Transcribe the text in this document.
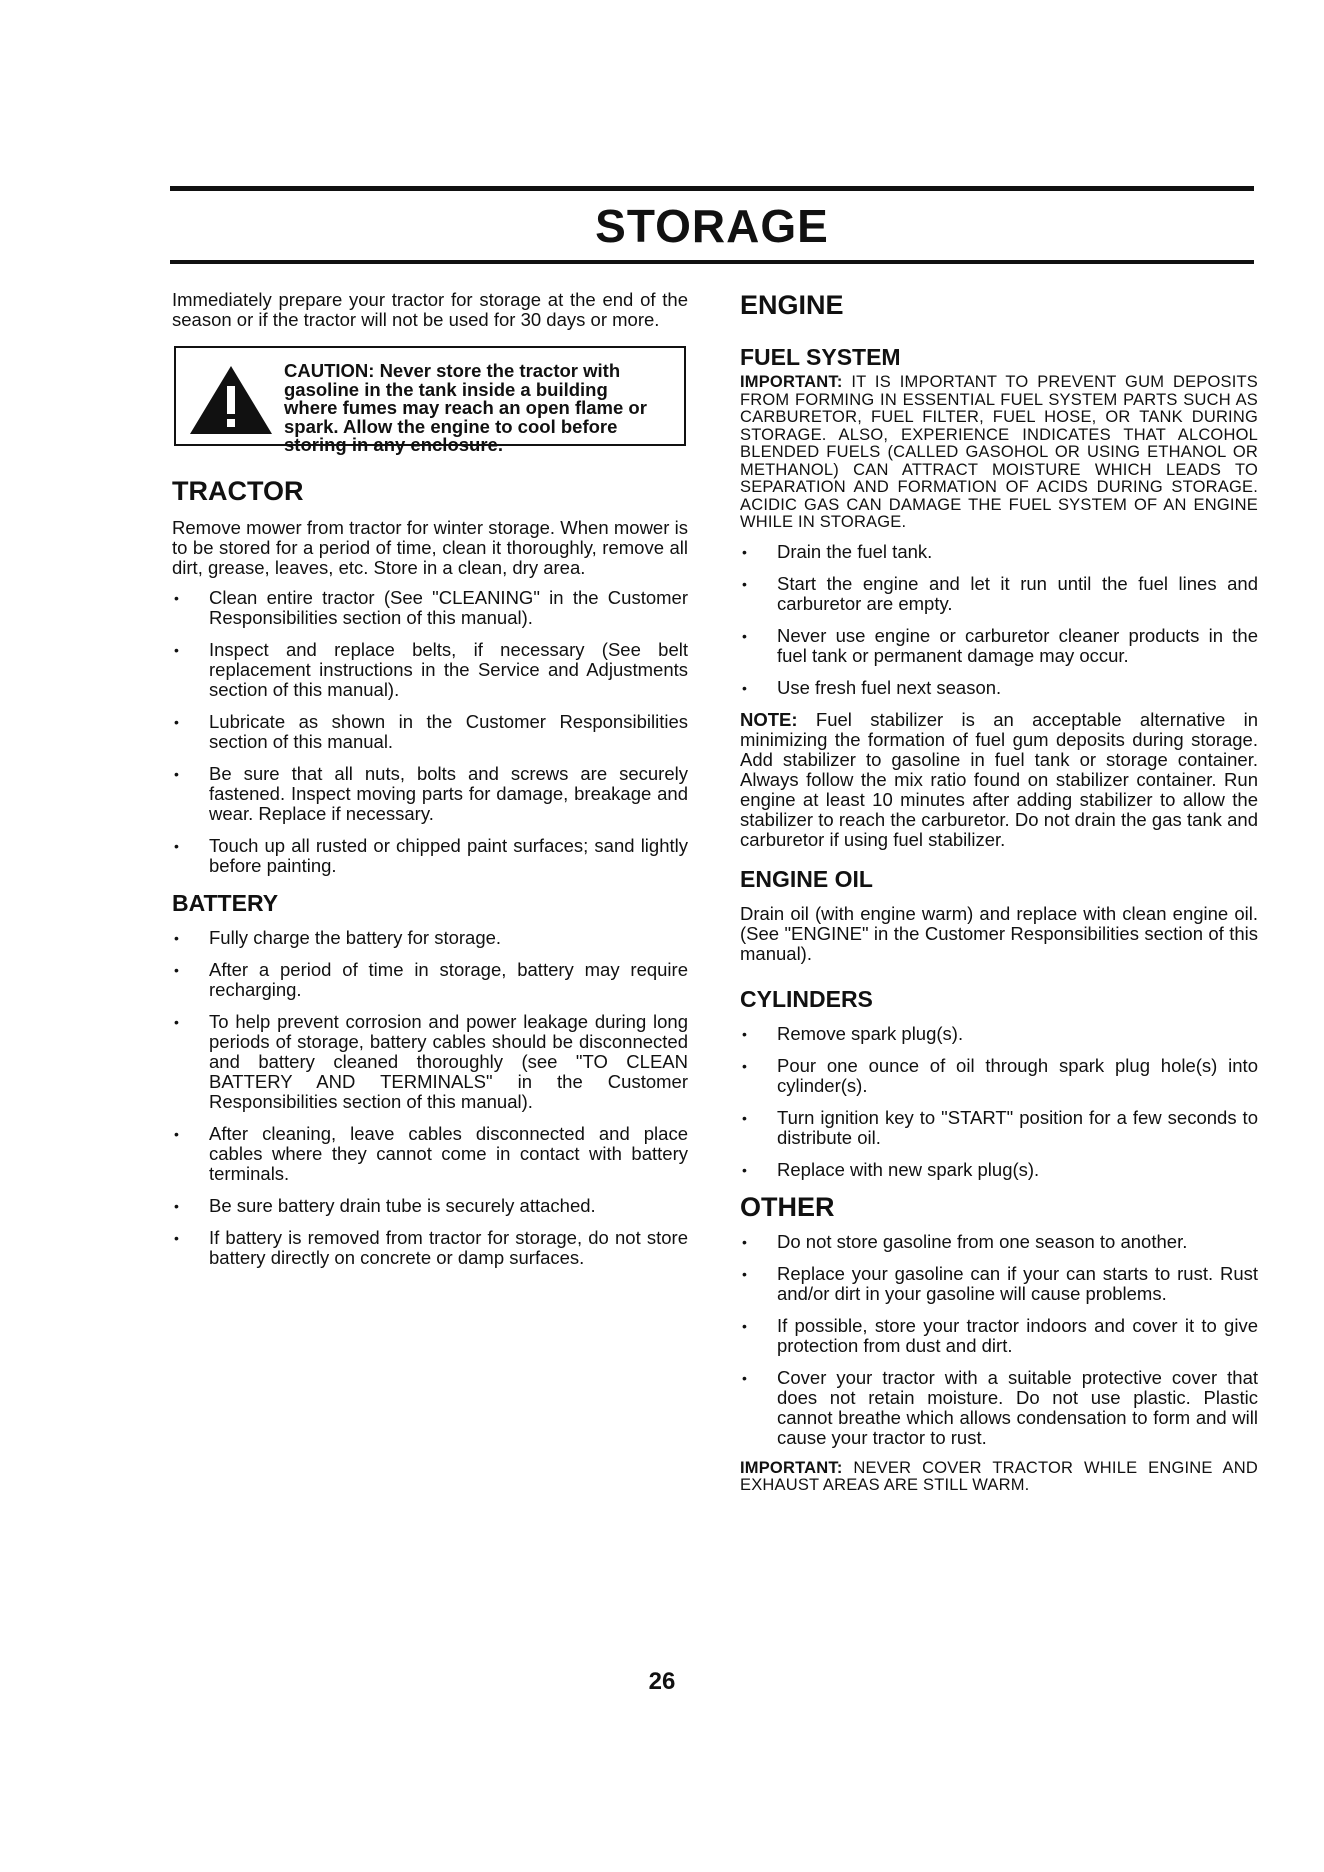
STORAGE

Immediately prepare your tractor for storage at the end of the season or if the tractor will not be used for 30 days or more.

CAUTION: Never store the tractor with gasoline in the tank inside a building where fumes may reach an open flame or spark. Allow the engine to cool before storing in any enclosure.

TRACTOR

Remove mower from tractor for winter storage. When mower is to be stored for a period of time, clean it thoroughly, remove all dirt, grease, leaves, etc. Store in a clean, dry area.

• Clean entire tractor (See "CLEANING" in the Customer Responsibilities section of this manual).
• Inspect and replace belts, if necessary (See belt replacement instructions in the Service and Adjustments section of this manual).
• Lubricate as shown in the Customer Responsibilities section of this manual.
• Be sure that all nuts, bolts and screws are securely fastened. Inspect moving parts for damage, breakage and wear. Replace if necessary.
• Touch up all rusted or chipped paint surfaces; sand lightly before painting.
BATTERY
• Fully charge the battery for storage.
• After a period of time in storage, battery may require recharging.
• To help prevent corrosion and power leakage during long periods of storage, battery cables should be disconnected and battery cleaned thoroughly (see "TO CLEAN BATTERY AND TERMINALS" in the Customer Responsibilities section of this manual).
• After cleaning, leave cables disconnected and place cables where they cannot come in contact with battery terminals.
• Be sure battery drain tube is securely attached.
• If battery is removed from tractor for storage, do not store battery directly on concrete or damp surfaces.
ENGINE
FUEL SYSTEM

IMPORTANT: IT IS IMPORTANT TO PREVENT GUM DEPOSITS FROM FORMING IN ESSENTIAL FUEL SYSTEM PARTS SUCH AS CARBURETOR, FUEL FILTER, FUEL HOSE, OR TANK DURING STORAGE. ALSO, EXPERIENCE INDICATES THAT ALCOHOL BLENDED FUELS (CALLED GASOHOL OR USING ETHANOL OR METHANOL) CAN ATTRACT MOISTURE WHICH LEADS TO SEPARATION AND FORMATION OF ACIDS DURING STORAGE. ACIDIC GAS CAN DAMAGE THE FUEL SYSTEM OF AN ENGINE WHILE IN STORAGE.

• Drain the fuel tank.
• Start the engine and let it run until the fuel lines and carburetor are empty.
• Never use engine or carburetor cleaner products in the fuel tank or permanent damage may occur.
• Use fresh fuel next season.

NOTE: Fuel stabilizer is an acceptable alternative in minimizing the formation of fuel gum deposits during storage. Add stabilizer to gasoline in fuel tank or storage container. Always follow the mix ratio found on stabilizer container. Run engine at least 10 minutes after adding stabilizer to allow the stabilizer to reach the carburetor. Do not drain the gas tank and carburetor if using fuel stabilizer.

ENGINE OIL

Drain oil (with engine warm) and replace with clean engine oil. (See "ENGINE" in the Customer Responsibilities section of this manual).

CYLINDERS
• Remove spark plug(s).
• Pour one ounce of oil through spark plug hole(s) into cylinder(s).
• Turn ignition key to "START" position for a few seconds to distribute oil.
• Replace with new spark plug(s).
OTHER
• Do not store gasoline from one season to another.
• Replace your gasoline can if your can starts to rust. Rust and/or dirt in your gasoline will cause problems.
• If possible, store your tractor indoors and cover it to give protection from dust and dirt.
• Cover your tractor with a suitable protective cover that does not retain moisture. Do not use plastic. Plastic cannot breathe which allows condensation to form and will cause your tractor to rust.

IMPORTANT: NEVER COVER TRACTOR WHILE ENGINE AND EXHAUST AREAS ARE STILL WARM.

26
